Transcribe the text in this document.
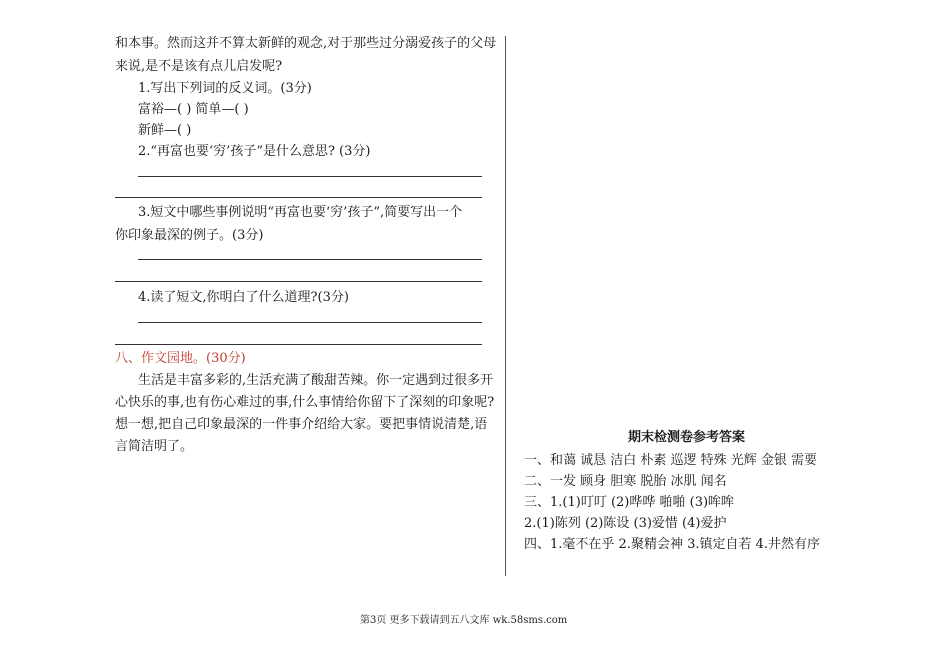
和本事。然而这并不算太新鲜的观念,对于那些过分溺爱孩子的父母
来说,是不是该有点儿启发呢?
1.写出下列词的反义词。(3分)
富裕—( ) 简单—( )
新鲜—( )
2.“再富也要‘穷’孩子”是什么意思? (3分)
3.短文中哪些事例说明“再富也要‘穷’孩子”,简要写出一个
你印象最深的例子。(3分)
4.读了短文,你明白了什么道理?(3分)
八、作文园地。(30分)
生活是丰富多彩的,生活充满了酸甜苦辣。你一定遇到过很多开
心快乐的事,也有伤心难过的事,什么事情给你留下了深刻的印象呢?
想一想,把自己印象最深的一件事介绍给大家。要把事情说清楚,语
言简洁明了。
期末检测卷参考答案
一、和蔼 诚恳 洁白 朴素 巡逻 特殊 光辉 金银 需要
二、一发 顾身 胆寒 脱胎 冰肌 闻名
三、1.(1)叮叮 (2)哗哗 啪啪 (3)哞哞
2.(1)陈列 (2)陈设 (3)爱惜 (4)爱护
四、1.毫不在乎 2.聚精会神 3.镇定自若 4.井然有序
第3页 更多下载请到五八文库 wk.58sms.com
